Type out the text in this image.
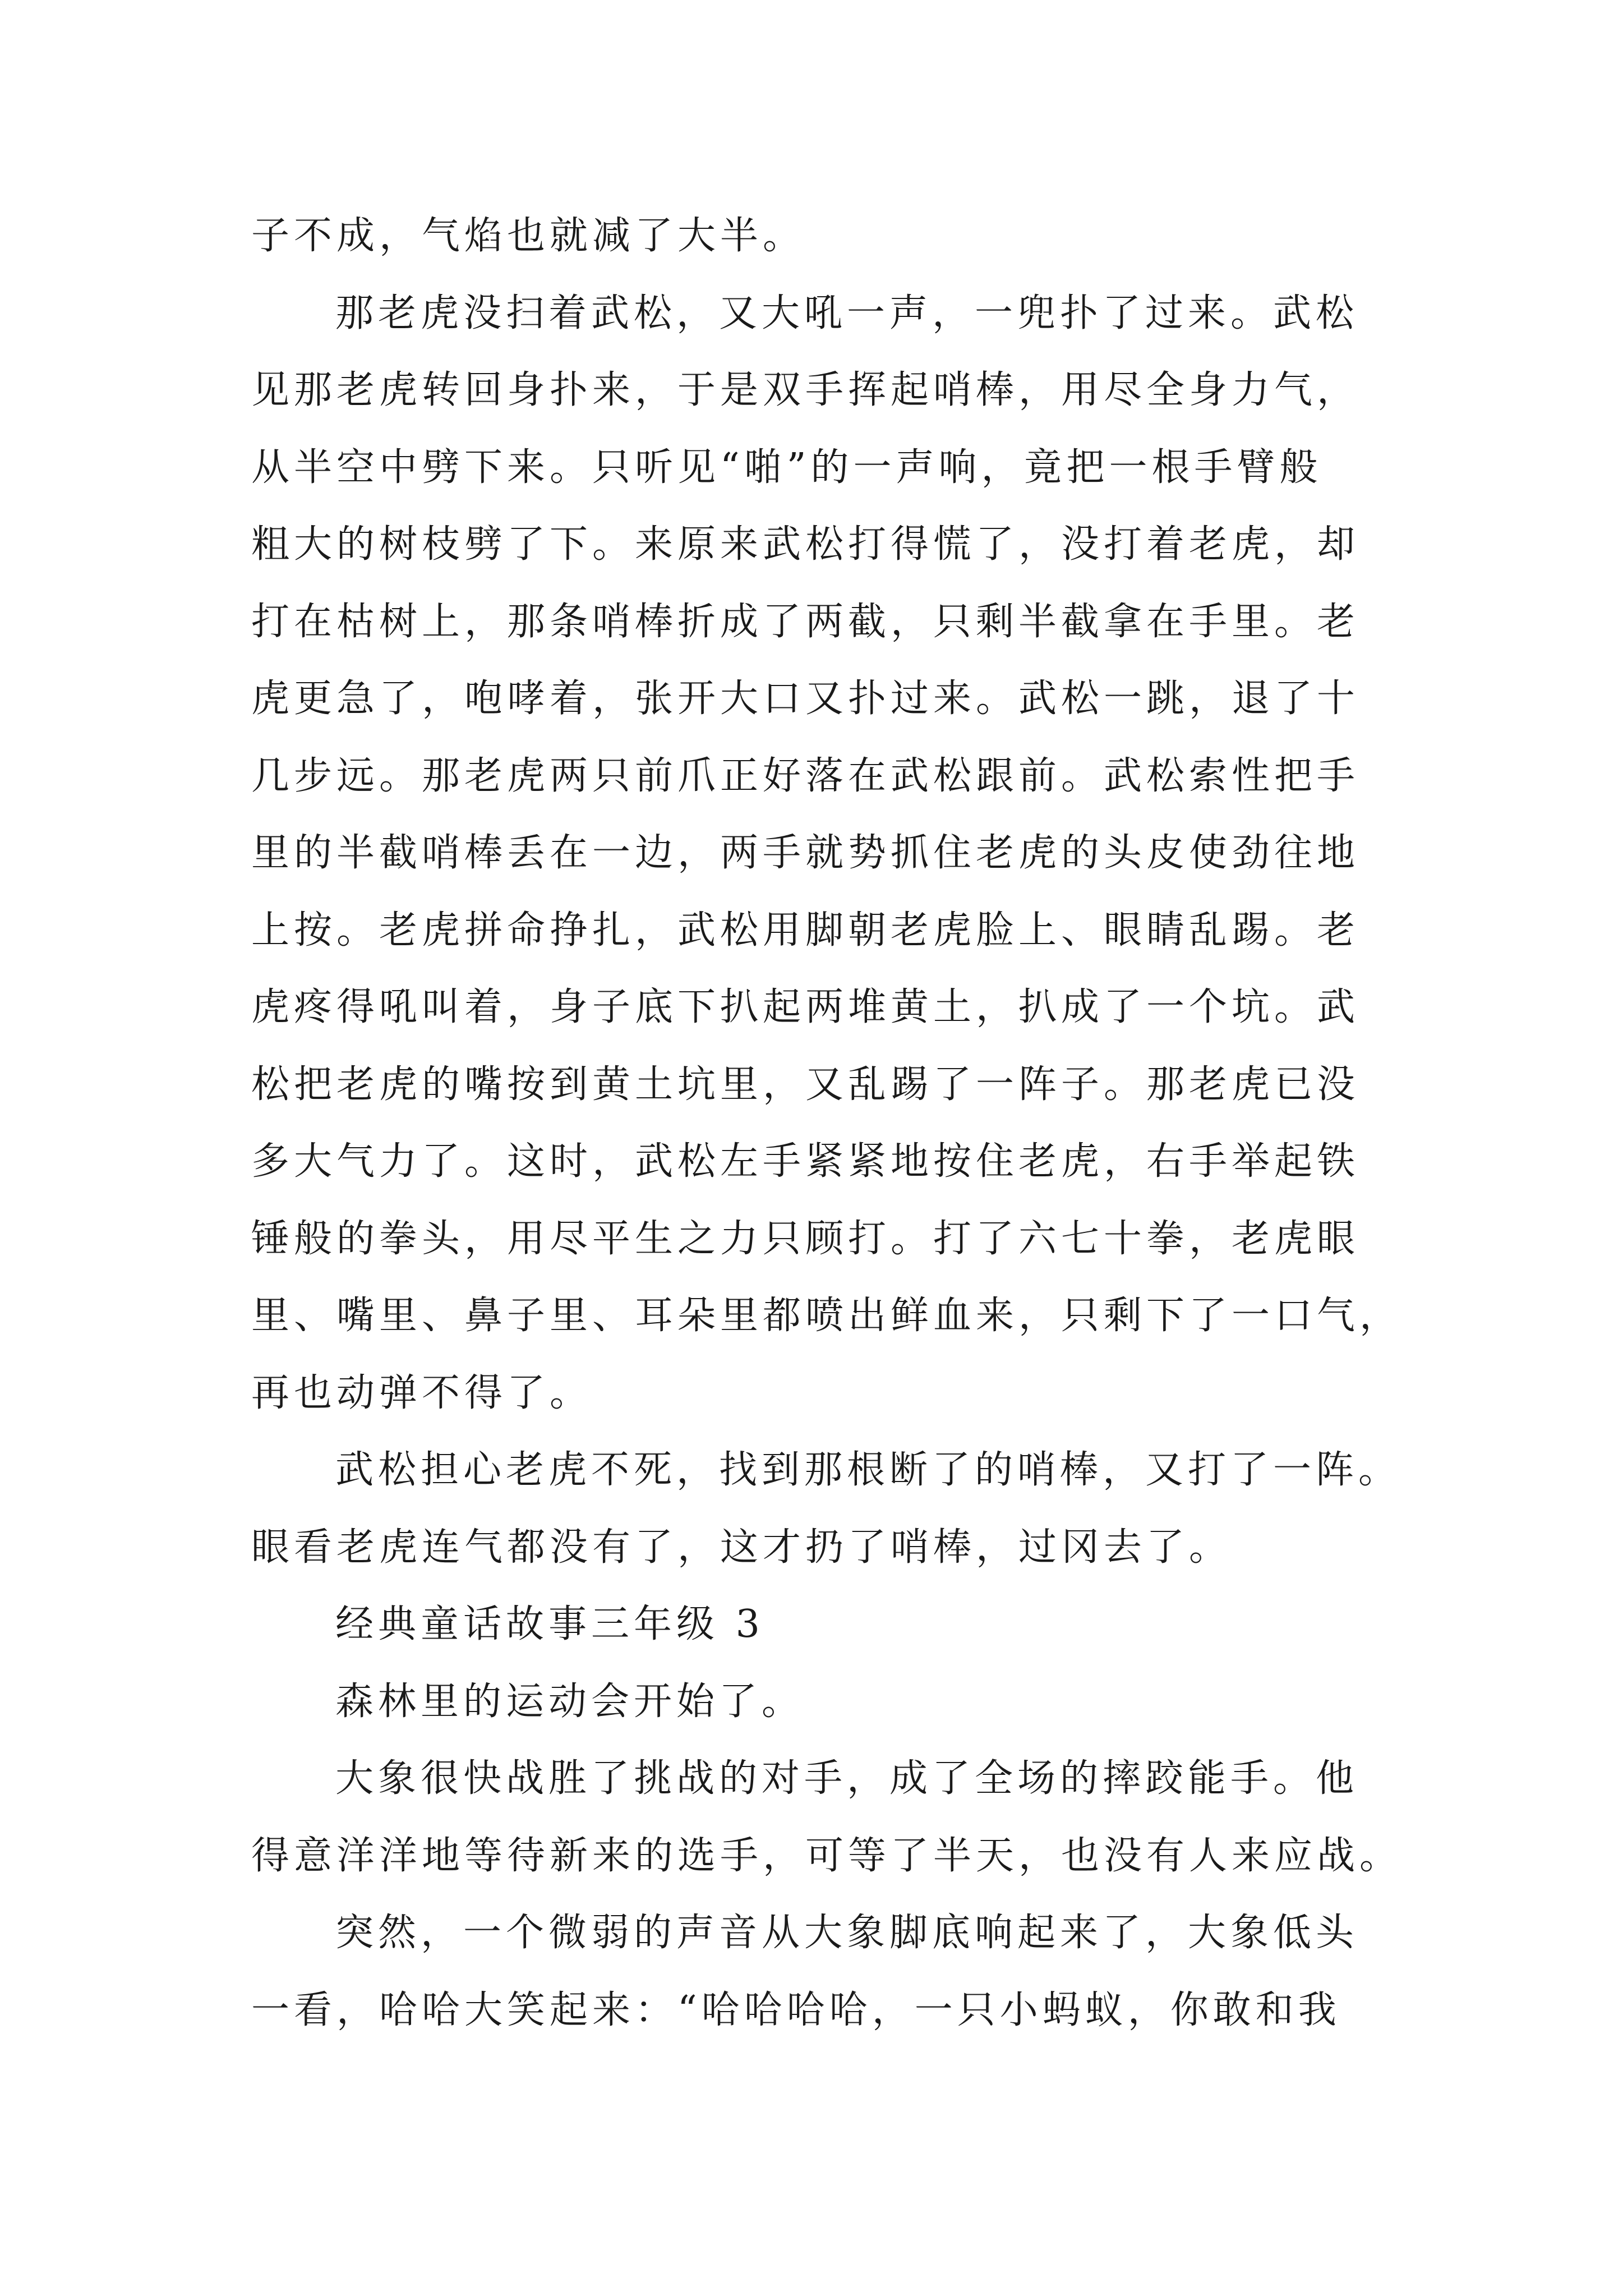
子不成，气焰也就减了大半。
那老虎没扫着武松，又大吼一声，一兜扑了过来。武松
见那老虎转回身扑来，于是双手挥起哨棒，用尽全身力气，
从半空中劈下来。只听见“啪”的一声响，竟把一根手臂般
粗大的树枝劈了下。来原来武松打得慌了，没打着老虎，却
打在枯树上，那条哨棒折成了两截，只剩半截拿在手里。老
虎更急了，咆哮着，张开大口又扑过来。武松一跳，退了十
几步远。那老虎两只前爪正好落在武松跟前。武松索性把手
里的半截哨棒丢在一边，两手就势抓住老虎的头皮使劲往地
上按。老虎拼命挣扎，武松用脚朝老虎脸上、眼睛乱踢。老
虎疼得吼叫着，身子底下扒起两堆黄土，扒成了一个坑。武
松把老虎的嘴按到黄土坑里，又乱踢了一阵子。那老虎已没
多大气力了。这时，武松左手紧紧地按住老虎，右手举起铁
锤般的拳头，用尽平生之力只顾打。打了六七十拳，老虎眼
里、嘴里、鼻子里、耳朵里都喷出鲜血来，只剩下了一口气，
再也动弹不得了。
武松担心老虎不死，找到那根断了的哨棒，又打了一阵。
眼看老虎连气都没有了，这才扔了哨棒，过冈去了。
经典童话故事三年级 3
森林里的运动会开始了。
大象很快战胜了挑战的对手，成了全场的摔跤能手。他
得意洋洋地等待新来的选手，可等了半天，也没有人来应战。
突然，一个微弱的声音从大象脚底响起来了，大象低头
一看，哈哈大笑起来：“哈哈哈哈，一只小蚂蚁，你敢和我
